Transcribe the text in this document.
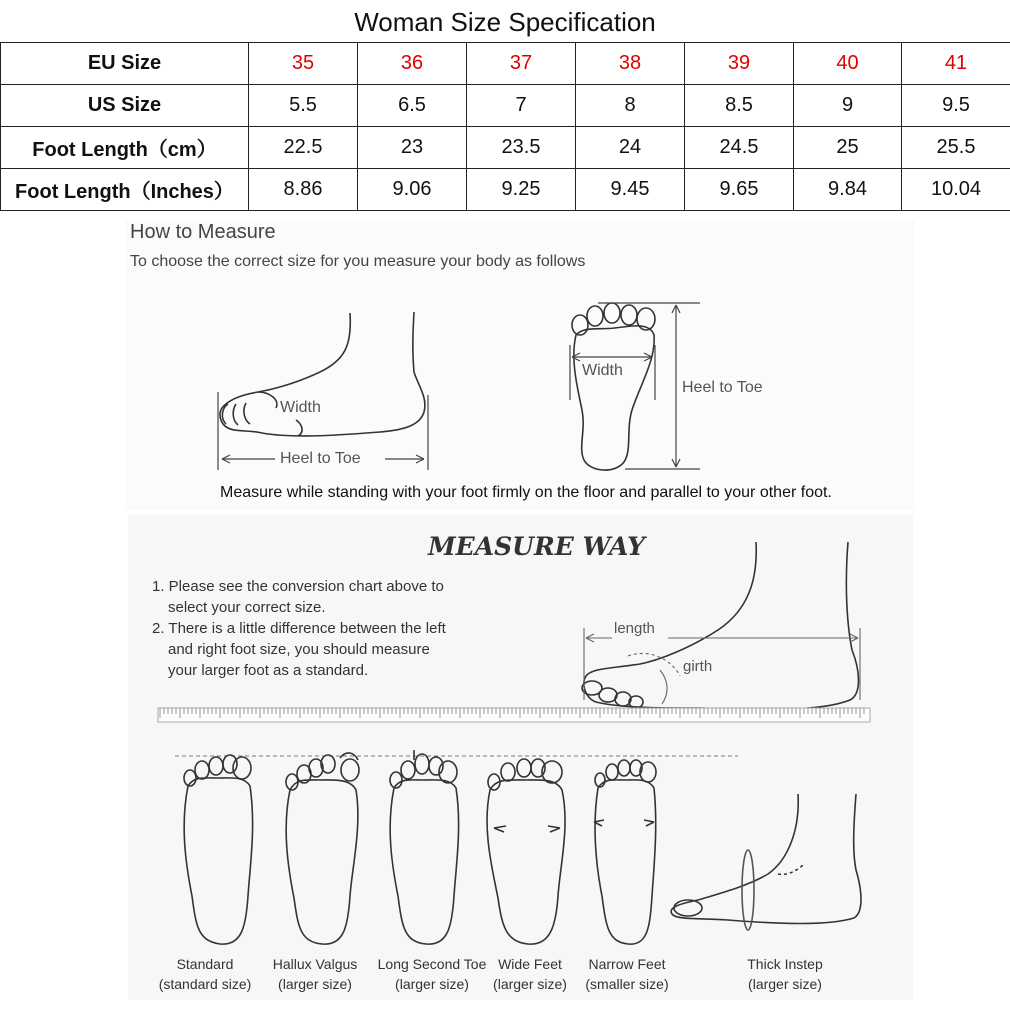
Woman Size Specification
EU Size	35	36	37	38	39	40	41
US Size	5.5	6.5	7	8	8.5	9	9.5
Foot Length（cm）	22.5	23	23.5	24	24.5	25	25.5
Foot Length（Inches）	8.86	9.06	9.25	9.45	9.65	9.84	10.04
How to Measure
To choose the correct size for you measure your body as follows
Width
Heel to Toe
Width
Heel to Toe
Measure while standing with your foot firmly on the floor and parallel to your other foot.
MEASURE WAY
1. Please see the conversion chart above to
select your correct size.
2. There is a little difference between the left
and right foot size, you should measure
your larger foot as a standard.
length
girth
Standard
(standard size)
Hallux Valgus
(larger size)
Long Second Toe
(larger size)
Wide Feet
(larger size)
Narrow Feet
(smaller size)
Thick Instep
(larger size)
